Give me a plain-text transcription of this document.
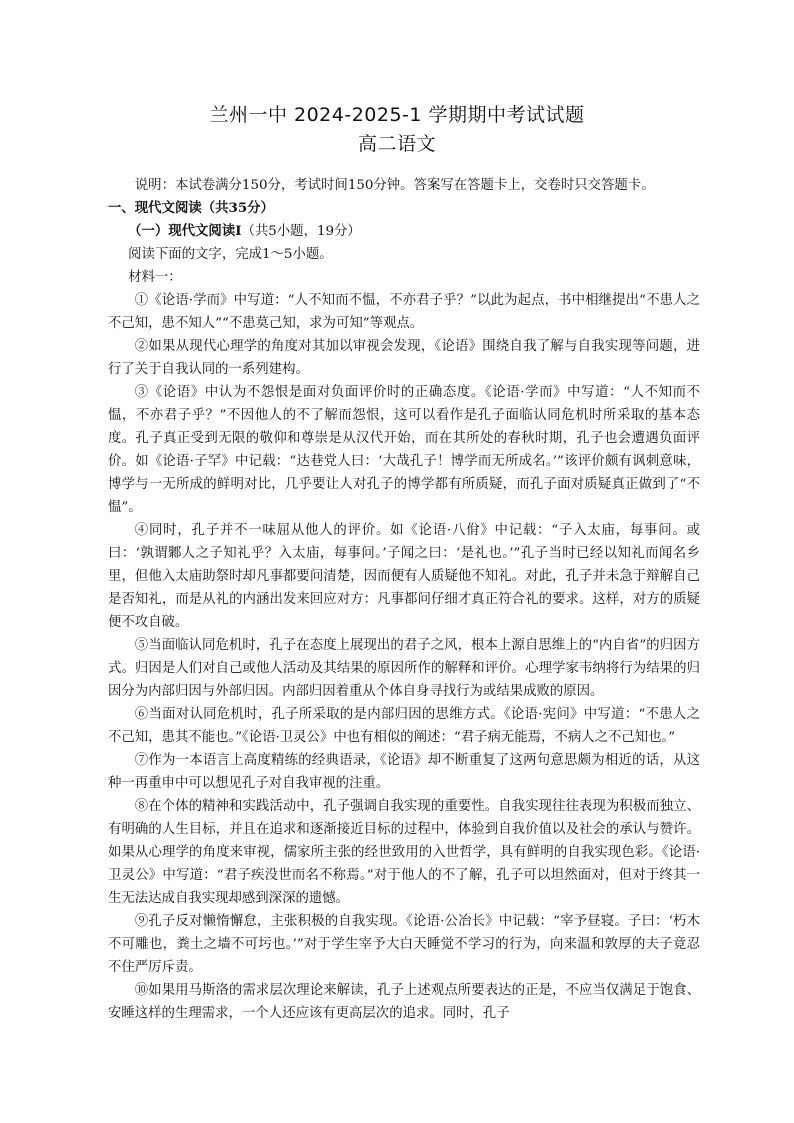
兰州一中 2024-2025-1 学期期中考试试题
高二语文

说明：本试卷满分150分，考试时间150分钟。答案写在答题卡上，交卷时只交答题卡。

一、现代文阅读（共35分）

（一）现代文阅读Ⅰ（共5小题，19分）

阅读下面的文字，完成1～5小题。

材料一：

①《论语·学而》中写道：“人不知而不愠，不亦君子乎？”以此为起点，书中相继提出“不患人之不己知，患不知人”“不患莫己知，求为可知”等观点。

②如果从现代心理学的角度对其加以审视会发现，《论语》围绕自我了解与自我实现等问题，进行了关于自我认同的一系列建构。

③《论语》中认为不怨恨是面对负面评价时的正确态度。《论语·学而》中写道：“人不知而不愠，不亦君子乎？”不因他人的不了解而怨恨，这可以看作是孔子面临认同危机时所采取的基本态度。孔子真正受到无限的敬仰和尊崇是从汉代开始，而在其所处的春秋时期，孔子也会遭遇负面评价。如《论语·子罕》中记载：“达巷党人曰：‘大哉孔子！博学而无所成名。’”该评价颇有讽刺意味，博学与一无所成的鲜明对比，几乎要让人对孔子的博学都有所质疑，而孔子面对质疑真正做到了“不愠”。

④同时，孔子并不一味屈从他人的评价。如《论语·八佾》中记载：“子入太庙，每事问。或曰：‘孰谓鄹人之子知礼乎？入太庙，每事问。’子闻之曰：‘是礼也。’”孔子当时已经以知礼而闻名乡里，但他入太庙助祭时却凡事都要问清楚，因而便有人质疑他不知礼。对此，孔子并未急于辩解自己是否知礼，而是从礼的内涵出发来回应对方：凡事都问仔细才真正符合礼的要求。这样，对方的质疑便不攻自破。

⑤当面临认同危机时，孔子在态度上展现出的君子之风，根本上源自思维上的“内自省”的归因方式。归因是人们对自己或他人活动及其结果的原因所作的解释和评价。心理学家韦纳将行为结果的归因分为内部归因与外部归因。内部归因着重从个体自身寻找行为或结果成败的原因。

⑥当面对认同危机时，孔子所采取的是内部归因的思维方式。《论语·宪问》中写道：“不患人之不己知，患其不能也。”《论语·卫灵公》中也有相似的阐述：“君子病无能焉，不病人之不己知也。”

⑦作为一本语言上高度精练的经典语录，《论语》却不断重复了这两句意思颇为相近的话，从这种一再重申中可以想见孔子对自我审视的注重。

⑧在个体的精神和实践活动中，孔子强调自我实现的重要性。自我实现往往表现为积极而独立、有明确的人生目标，并且在追求和逐渐接近目标的过程中，体验到自我价值以及社会的承认与赞许。如果从心理学的角度来审视，儒家所主张的经世致用的入世哲学，具有鲜明的自我实现色彩。《论语·卫灵公》中写道：“君子疾没世而名不称焉。”对于他人的不了解，孔子可以坦然面对，但对于终其一生无法达成自我实现却感到深深的遗憾。

⑨孔子反对懒惰懈怠，主张积极的自我实现。《论语·公冶长》中记载：“宰予昼寝。子曰：‘朽木不可雕也，粪土之墙不可圬也。’”对于学生宰予大白天睡觉不学习的行为，向来温和敦厚的夫子竟忍不住严厉斥责。

⑩如果用马斯洛的需求层次理论来解读，孔子上述观点所要表达的正是，不应当仅满足于饱食、安睡这样的生理需求，一个人还应该有更高层次的追求。同时，孔子
